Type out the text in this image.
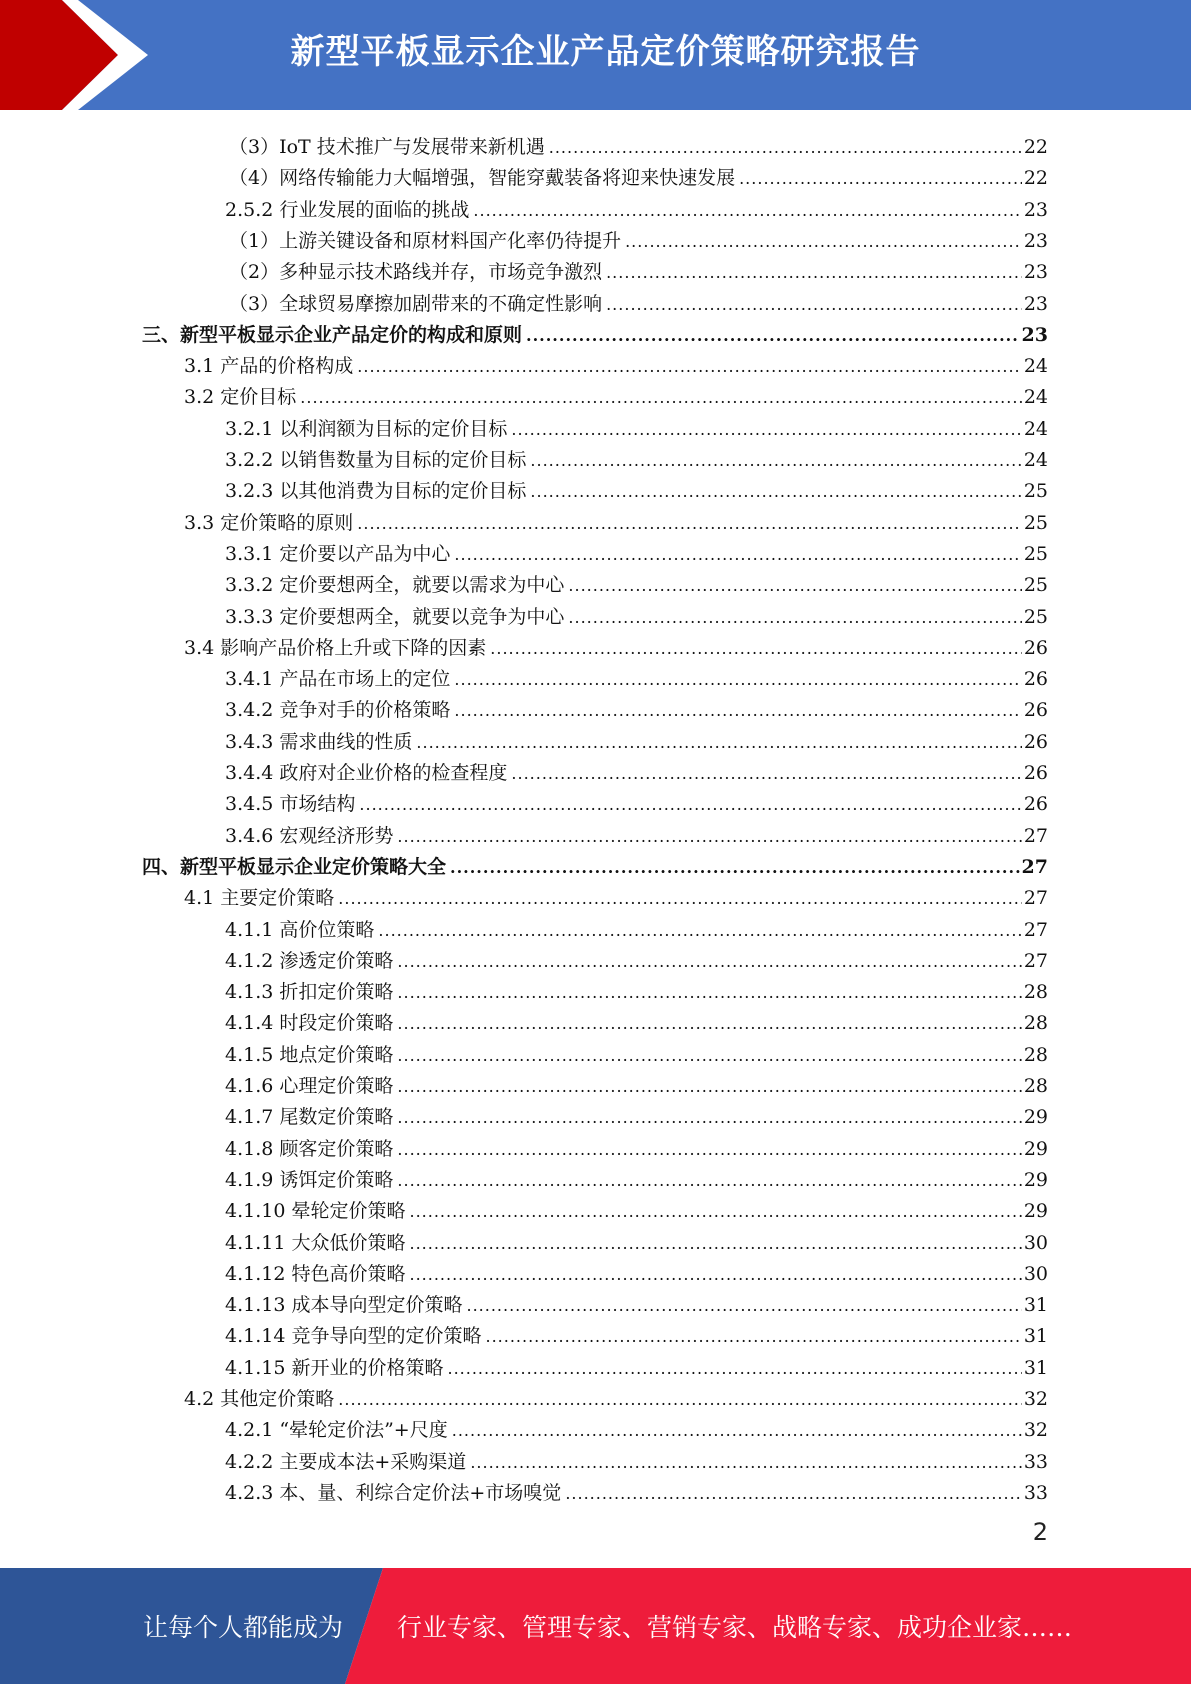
新型平板显示企业产品定价策略研究报告
（3）IoT 技术推广与发展带来新机遇 .....	22
（4）网络传输能力大幅增强，智能穿戴装备将迎来快速发展 .....	22
2.5.2 行业发展的面临的挑战 .....	23
（1）上游关键设备和原材料国产化率仍待提升 .....	23
（2）多种显示技术路线并存，市场竞争激烈 .....	23
（3）全球贸易摩擦加剧带来的不确定性影响 .....	23
三、新型平板显示企业产品定价的构成和原则 .....	23
3.1 产品的价格构成 .....	24
3.2 定价目标 .....	24
3.2.1 以利润额为目标的定价目标 .....	24
3.2.2 以销售数量为目标的定价目标 .....	24
3.2.3 以其他消费为目标的定价目标 .....	25
3.3 定价策略的原则 .....	25
3.3.1 定价要以产品为中心 .....	25
3.3.2 定价要想两全，就要以需求为中心 .....	25
3.3.3 定价要想两全，就要以竞争为中心 .....	25
3.4 影响产品价格上升或下降的因素 .....	26
3.4.1 产品在市场上的定位 .....	26
3.4.2 竞争对手的价格策略 .....	26
3.4.3 需求曲线的性质 .....	26
3.4.4 政府对企业价格的检查程度 .....	26
3.4.5 市场结构 .....	26
3.4.6 宏观经济形势 .....	27
四、新型平板显示企业定价策略大全 .....	27
4.1 主要定价策略 .....	27
4.1.1 高价位策略 .....	27
4.1.2 渗透定价策略 .....	27
4.1.3 折扣定价策略 .....	28
4.1.4 时段定价策略 .....	28
4.1.5 地点定价策略 .....	28
4.1.6 心理定价策略 .....	28
4.1.7 尾数定价策略 .....	29
4.1.8 顾客定价策略 .....	29
4.1.9 诱饵定价策略 .....	29
4.1.10 晕轮定价策略 .....	29
4.1.11 大众低价策略 .....	30
4.1.12 特色高价策略 .....	30
4.1.13 成本导向型定价策略 .....	31
4.1.14 竞争导向型的定价策略 .....	31
4.1.15 新开业的价格策略 .....	31
4.2 其他定价策略 .....	32
4.2.1 “晕轮定价法”+尺度 .....	32
4.2.2 主要成本法+采购渠道 .....	33
4.2.3 本、量、利综合定价法+市场嗅觉 .....	33
2
让每个人都能成为 行业专家、管理专家、营销专家、战略专家、成功企业家……
